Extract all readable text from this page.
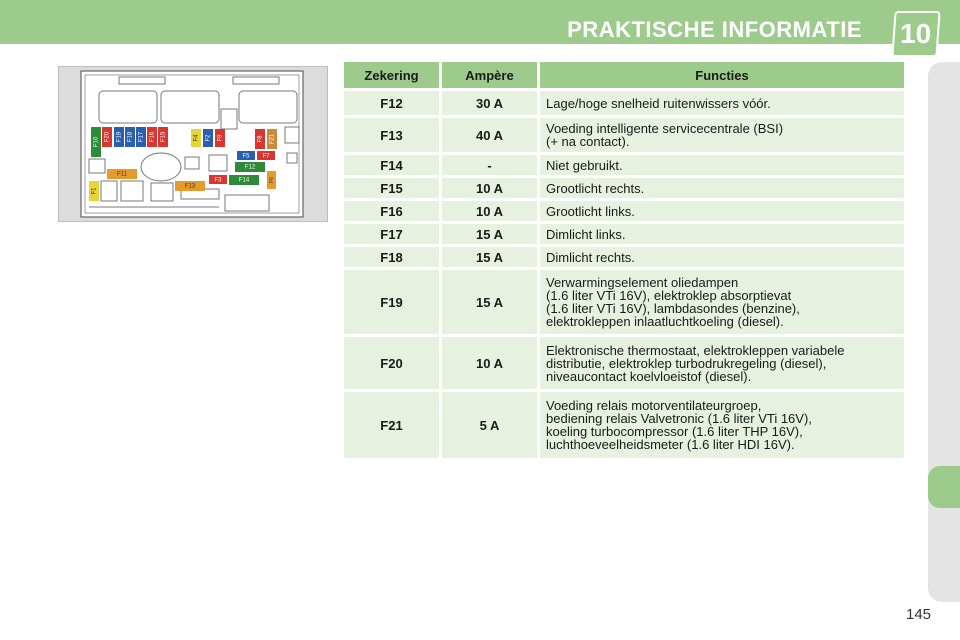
PRAKTISCHE INFORMATIE 10
F10 F20 F19 F18 F17 F16 F15	F4 F2 F9	F8 F21
F5 F7
F12
F11
F3	F14	F6
F1
F13
Zekering	Ampère	Functies
F12	30 A	Lage/hoge snelheid ruitenwissers vóór.
F13	40 A	Voeding intelligente servicecentrale (BSI)
(+ na contact).
F14	-	Niet gebruikt.
F15	10 A	Grootlicht rechts.
F16	10 A	Grootlicht links.
F17	15 A	Dimlicht links.
F18	15 A	Dimlicht rechts.
F19	15 A
Verwarmingselement oliedampen
(1.6 liter VTi 16V), elektroklep absorptievat
(1.6 liter VTi 16V), lambdasondes (benzine),
elektrokleppen inlaatluchtkoeling (diesel).
F20	10 A
Elektronische thermostaat, elektrokleppen variabele
distributie, elektroklep turbodrukregeling (diesel),
niveaucontact koelvloeistof (diesel).
F21	5 A
Voeding relais motorventilateurgroep,
bediening relais Valvetronic (1.6 liter VTi 16V),
koeling turbocompressor (1.6 liter THP 16V),
luchthoeveelheidsmeter (1.6 liter HDI 16V).
145
